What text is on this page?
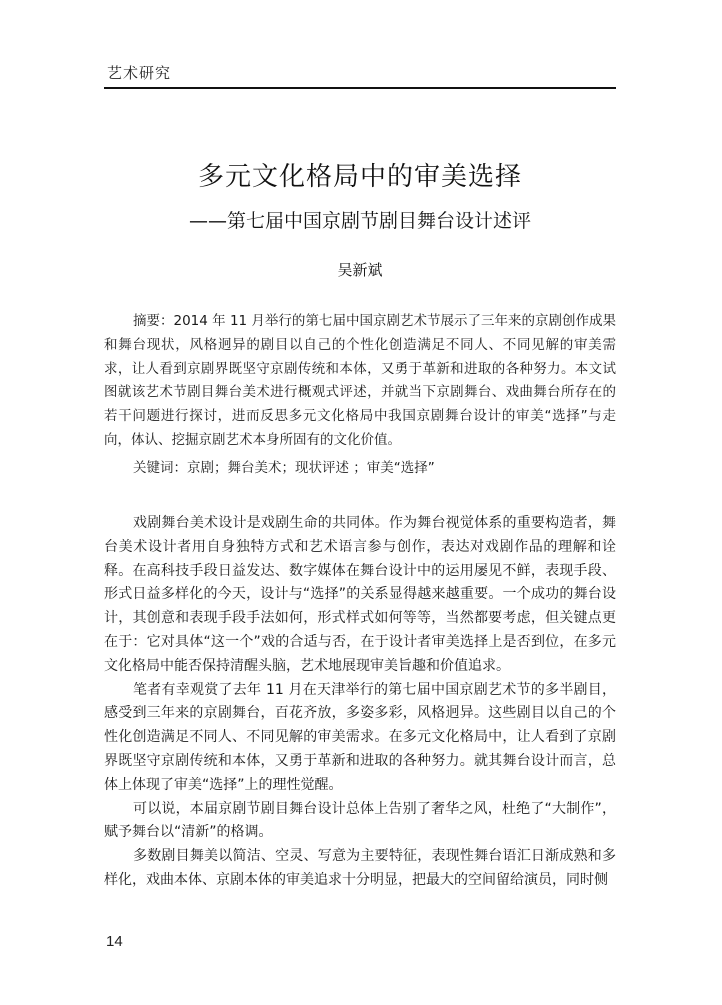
艺术研究
多元文化格局中的审美选择
——第七届中国京剧节剧目舞台设计述评
吴新斌

摘要：2014 年 11 月举行的第七届中国京剧艺术节展示了三年来的京剧创作成果和舞台现状，风格迥异的剧目以自己的个性化创造满足不同人、不同见解的审美需求，让人看到京剧界既坚守京剧传统和本体，又勇于革新和进取的各种努力。本文试图就该艺术节剧目舞台美术进行概观式评述，并就当下京剧舞台、戏曲舞台所存在的若干问题进行探讨，进而反思多元文化格局中我国京剧舞台设计的审美“选择”与走向，体认、挖掘京剧艺术本身所固有的文化价值。

关键词：京剧；舞台美术；现状评述 ；审美“选择”

戏剧舞台美术设计是戏剧生命的共同体。作为舞台视觉体系的重要构造者，舞台美术设计者用自身独特方式和艺术语言参与创作，表达对戏剧作品的理解和诠释。在高科技手段日益发达、数字媒体在舞台设计中的运用屡见不鲜，表现手段、形式日益多样化的今天，设计与“选择”的关系显得越来越重要。一个成功的舞台设计，其创意和表现手段手法如何，形式样式如何等等，当然都要考虑，但关键点更在于：它对具体“这一个”戏的合适与否，在于设计者审美选择上是否到位，在多元文化格局中能否保持清醒头脑，艺术地展现审美旨趣和价值追求。

笔者有幸观赏了去年 11 月在天津举行的第七届中国京剧艺术节的多半剧目，感受到三年来的京剧舞台，百花齐放，多姿多彩，风格迥异。这些剧目以自己的个性化创造满足不同人、不同见解的审美需求。在多元文化格局中，让人看到了京剧界既坚守京剧传统和本体，又勇于革新和进取的各种努力。就其舞台设计而言，总体上体现了审美“选择”上的理性觉醒。

可以说，本届京剧节剧目舞台设计总体上告别了奢华之风，杜绝了“大制作”，赋予舞台以“清新”的格调。

多数剧目舞美以简洁、空灵、写意为主要特征，表现性舞台语汇日渐成熟和多样化，戏曲本体、京剧本体的审美追求十分明显，把最大的空间留给演员，同时侧

14
